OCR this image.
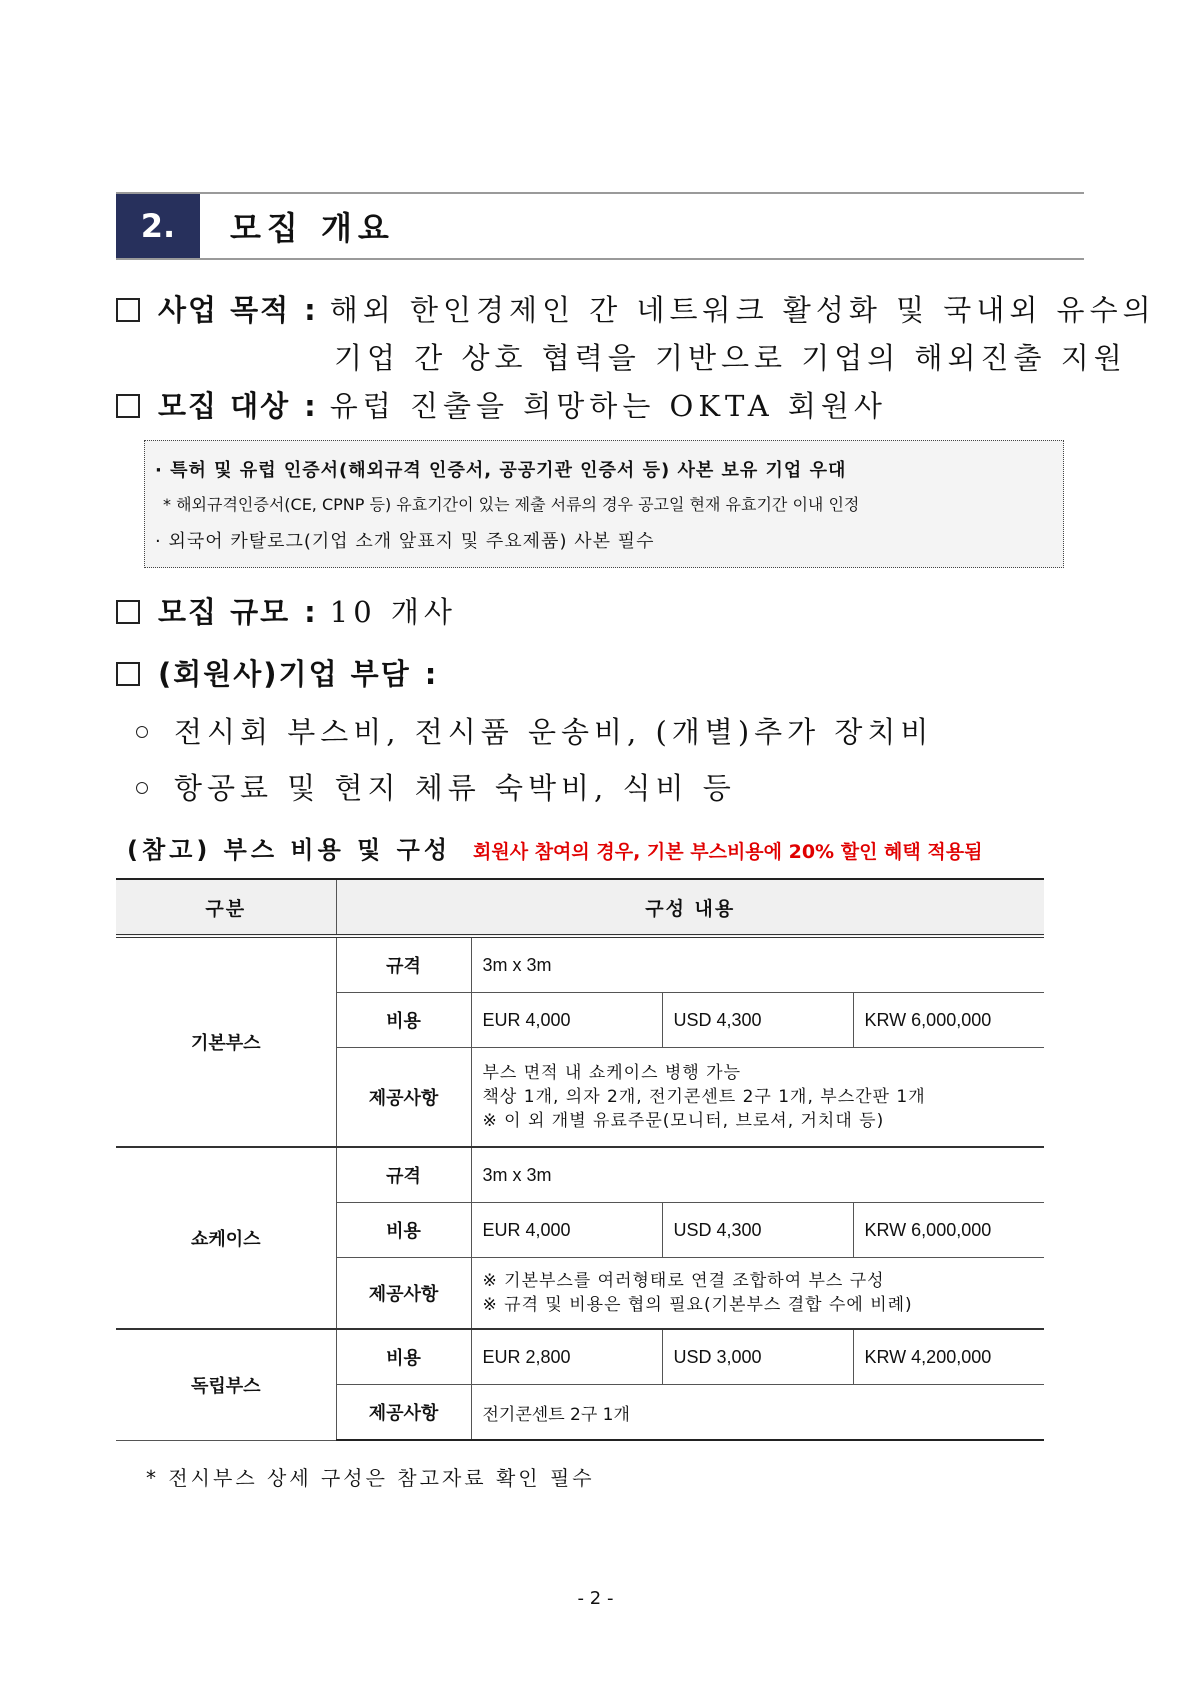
2.	모집 개요
사업 목적 : 해외 한인경제인 간 네트워크 활성화 및 국내외 유수의
기업 간 상호 협력을 기반으로 기업의 해외진출 지원
모집 대상 : 유럽 진출을 희망하는 OKTA 회원사
· 특허 및 유럽 인증서(해외규격 인증서, 공공기관 인증서 등) 사본 보유 기업 우대
* 해외규격인증서(CE, CPNP 등) 유효기간이 있는 제출 서류의 경우 공고일 현재 유효기간 이내 인정
· 외국어 카탈로그(기업 소개 앞표지 및 주요제품) 사본 필수
모집 규모 : 10 개사
(회원사)기업 부담 :
전시회 부스비, 전시품 운송비, (개별)추가 장치비
항공료 및 현지 체류 숙박비, 식비 등
(참고) 부스 비용 및 구성 회원사 참여의 경우, 기본 부스비용에 20% 할인 혜택 적용됨
구분	구성 내용			
기본부스	규격	3m x 3m		
	비용	EUR 4,000	USD 4,300	KRW 6,000,000
	제공사항	부스 면적 내 쇼케이스 병행 가능
책상 1개, 의자 2개, 전기콘센트 2구 1개, 부스간판 1개
※ 이 외 개별 유료주문(모니터, 브로셔, 거치대 등)		

쇼케이스	규격	3m x 3m		
	비용	EUR 4,000	USD 4,300	KRW 6,000,000
	제공사항	※ 기본부스를 여러형태로 연결 조합하여 부스 구성
※ 규격 및 비용은 협의 필요(기본부스 결합 수에 비례)		

독립부스	비용	EUR 2,800	USD 3,000	KRW 4,200,000
	제공사항	전기콘센트 2구 1개		
* 전시부스 상세 구성은 참고자료 확인 필수
- 2 -
